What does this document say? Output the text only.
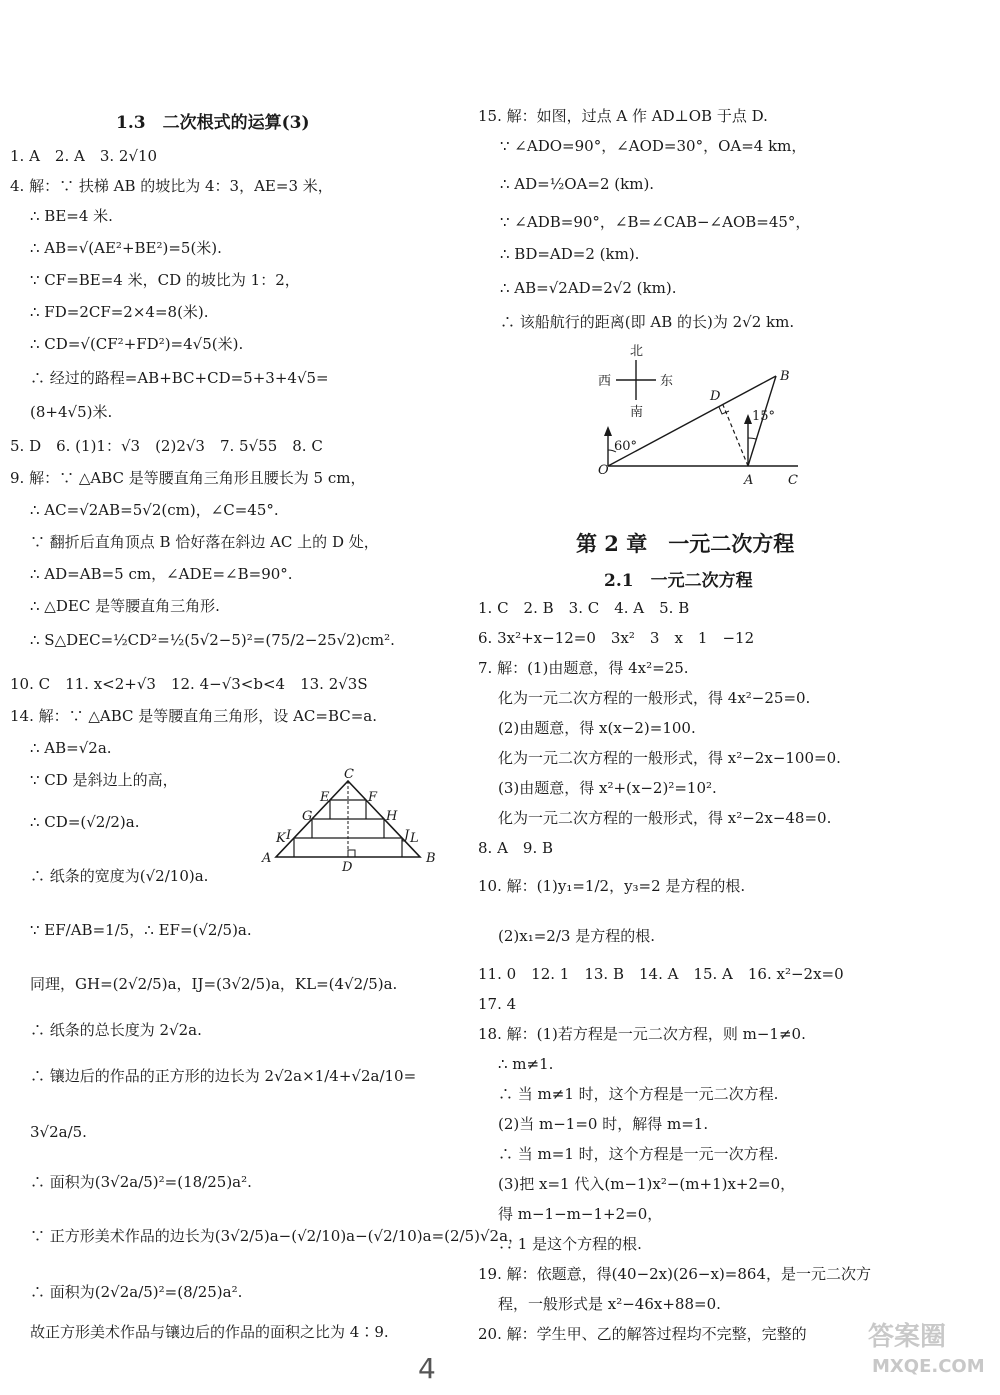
1.3　二次根式的运算(3)
1. A　2. A　3. 2√10
4. 解：∵ 扶梯 AB 的坡比为 4：3，AE=3 米，
∴ BE=4 米.
∴ AB=√(AE²+BE²)=5(米).
∵ CF=BE=4 米，CD 的坡比为 1：2，
∴ FD=2CF=2×4=8(米).
∴ CD=√(CF²+FD²)=4√5(米).
∴ 经过的路程=AB+BC+CD=5+3+4√5=
(8+4√5)米.
5. D　6. (1)1：√3　(2)2√3　7. 5√55　8. C
9. 解：∵ △ABC 是等腰直角三角形且腰长为 5 cm，
∴ AC=√2AB=5√2(cm)，∠C=45°.
∵ 翻折后直角顶点 B 恰好落在斜边 AC 上的 D 处，
∴ AD=AB=5 cm，∠ADE=∠B=90°.
∴ △DEC 是等腰直角三角形.
∴ S△DEC=½CD²=½(5√2−5)²=(75/2−25√2)cm².
10. C　11. x<2+√3　12. 4−√3<b<4　13. 2√3S
14. 解：∵ △ABC 是等腰直角三角形，设 AC=BC=a.
∴ AB=√2a.
∵ CD 是斜边上的高，
∴ CD=(√2/2)a.
∴ 纸条的宽度为(√2/10)a.
∵ EF/AB=1/5，∴ EF=(√2/5)a.
同理，GH=(2√2/5)a，IJ=(3√2/5)a，KL=(4√2/5)a.
∴ 纸条的总长度为 2√2a.
∴ 镶边后的作品的正方形的边长为 2√2a×1/4+√2a/10=
3√2a/5.
∴ 面积为(3√2a/5)²=(18/25)a².
∵ 正方形美术作品的边长为(3√2/5)a−(√2/10)a−(√2/10)a=(2/5)√2a，
∴ 面积为(2√2a/5)²=(8/25)a².
故正方形美术作品与镶边后的作品的面积之比为 4∶9.
C
E	F
G	H
I	J
K	L
A
D
B
15. 解：如图，过点 A 作 AD⊥OB 于点 D.
∵ ∠ADO=90°，∠AOD=30°，OA=4 km，
∴ AD=½OA=2 (km).
∵ ∠ADB=90°，∠B=∠CAB−∠AOB=45°，
∴ BD=AD=2 (km).
∴ AB=√2AD=2√2 (km).
∴ 该船航行的距离(即 AB 的长)为 2√2 km.
北
南
西	东
60°
15°
O
A	C
D
B
第 2 章　一元二次方程
2.1　一元二次方程
1. C　2. B　3. C　4. A　5. B
6. 3x²+x−12=0　3x²　3　x　1　−12
7. 解：(1)由题意，得 4x²=25.
化为一元二次方程的一般形式，得 4x²−25=0.
(2)由题意，得 x(x−2)=100.
化为一元二次方程的一般形式，得 x²−2x−100=0.
(3)由题意，得 x²+(x−2)²=10².
化为一元二次方程的一般形式，得 x²−2x−48=0.
8. A　9. B
10. 解：(1)y₁=1/2，y₃=2 是方程的根.
(2)x₁=2/3 是方程的根.
11. 0　12. 1　13. B　14. A　15. A　16. x²−2x=0
17. 4
18. 解：(1)若方程是一元二次方程，则 m−1≠0.
∴ m≠1.
∴ 当 m≠1 时，这个方程是一元二次方程.
(2)当 m−1=0 时，解得 m=1.
∴ 当 m=1 时，这个方程是一元一次方程.
(3)把 x=1 代入(m−1)x²−(m+1)x+2=0，
得 m−1−m−1+2=0，
∴ 1 是这个方程的根.
19. 解：依题意，得(40−2x)(26−x)=864，是一元二次方
程，一般形式是 x²−46x+88=0.
20. 解：学生甲、乙的解答过程均不完整，完整的
4
答案圈
MXQE.COM
